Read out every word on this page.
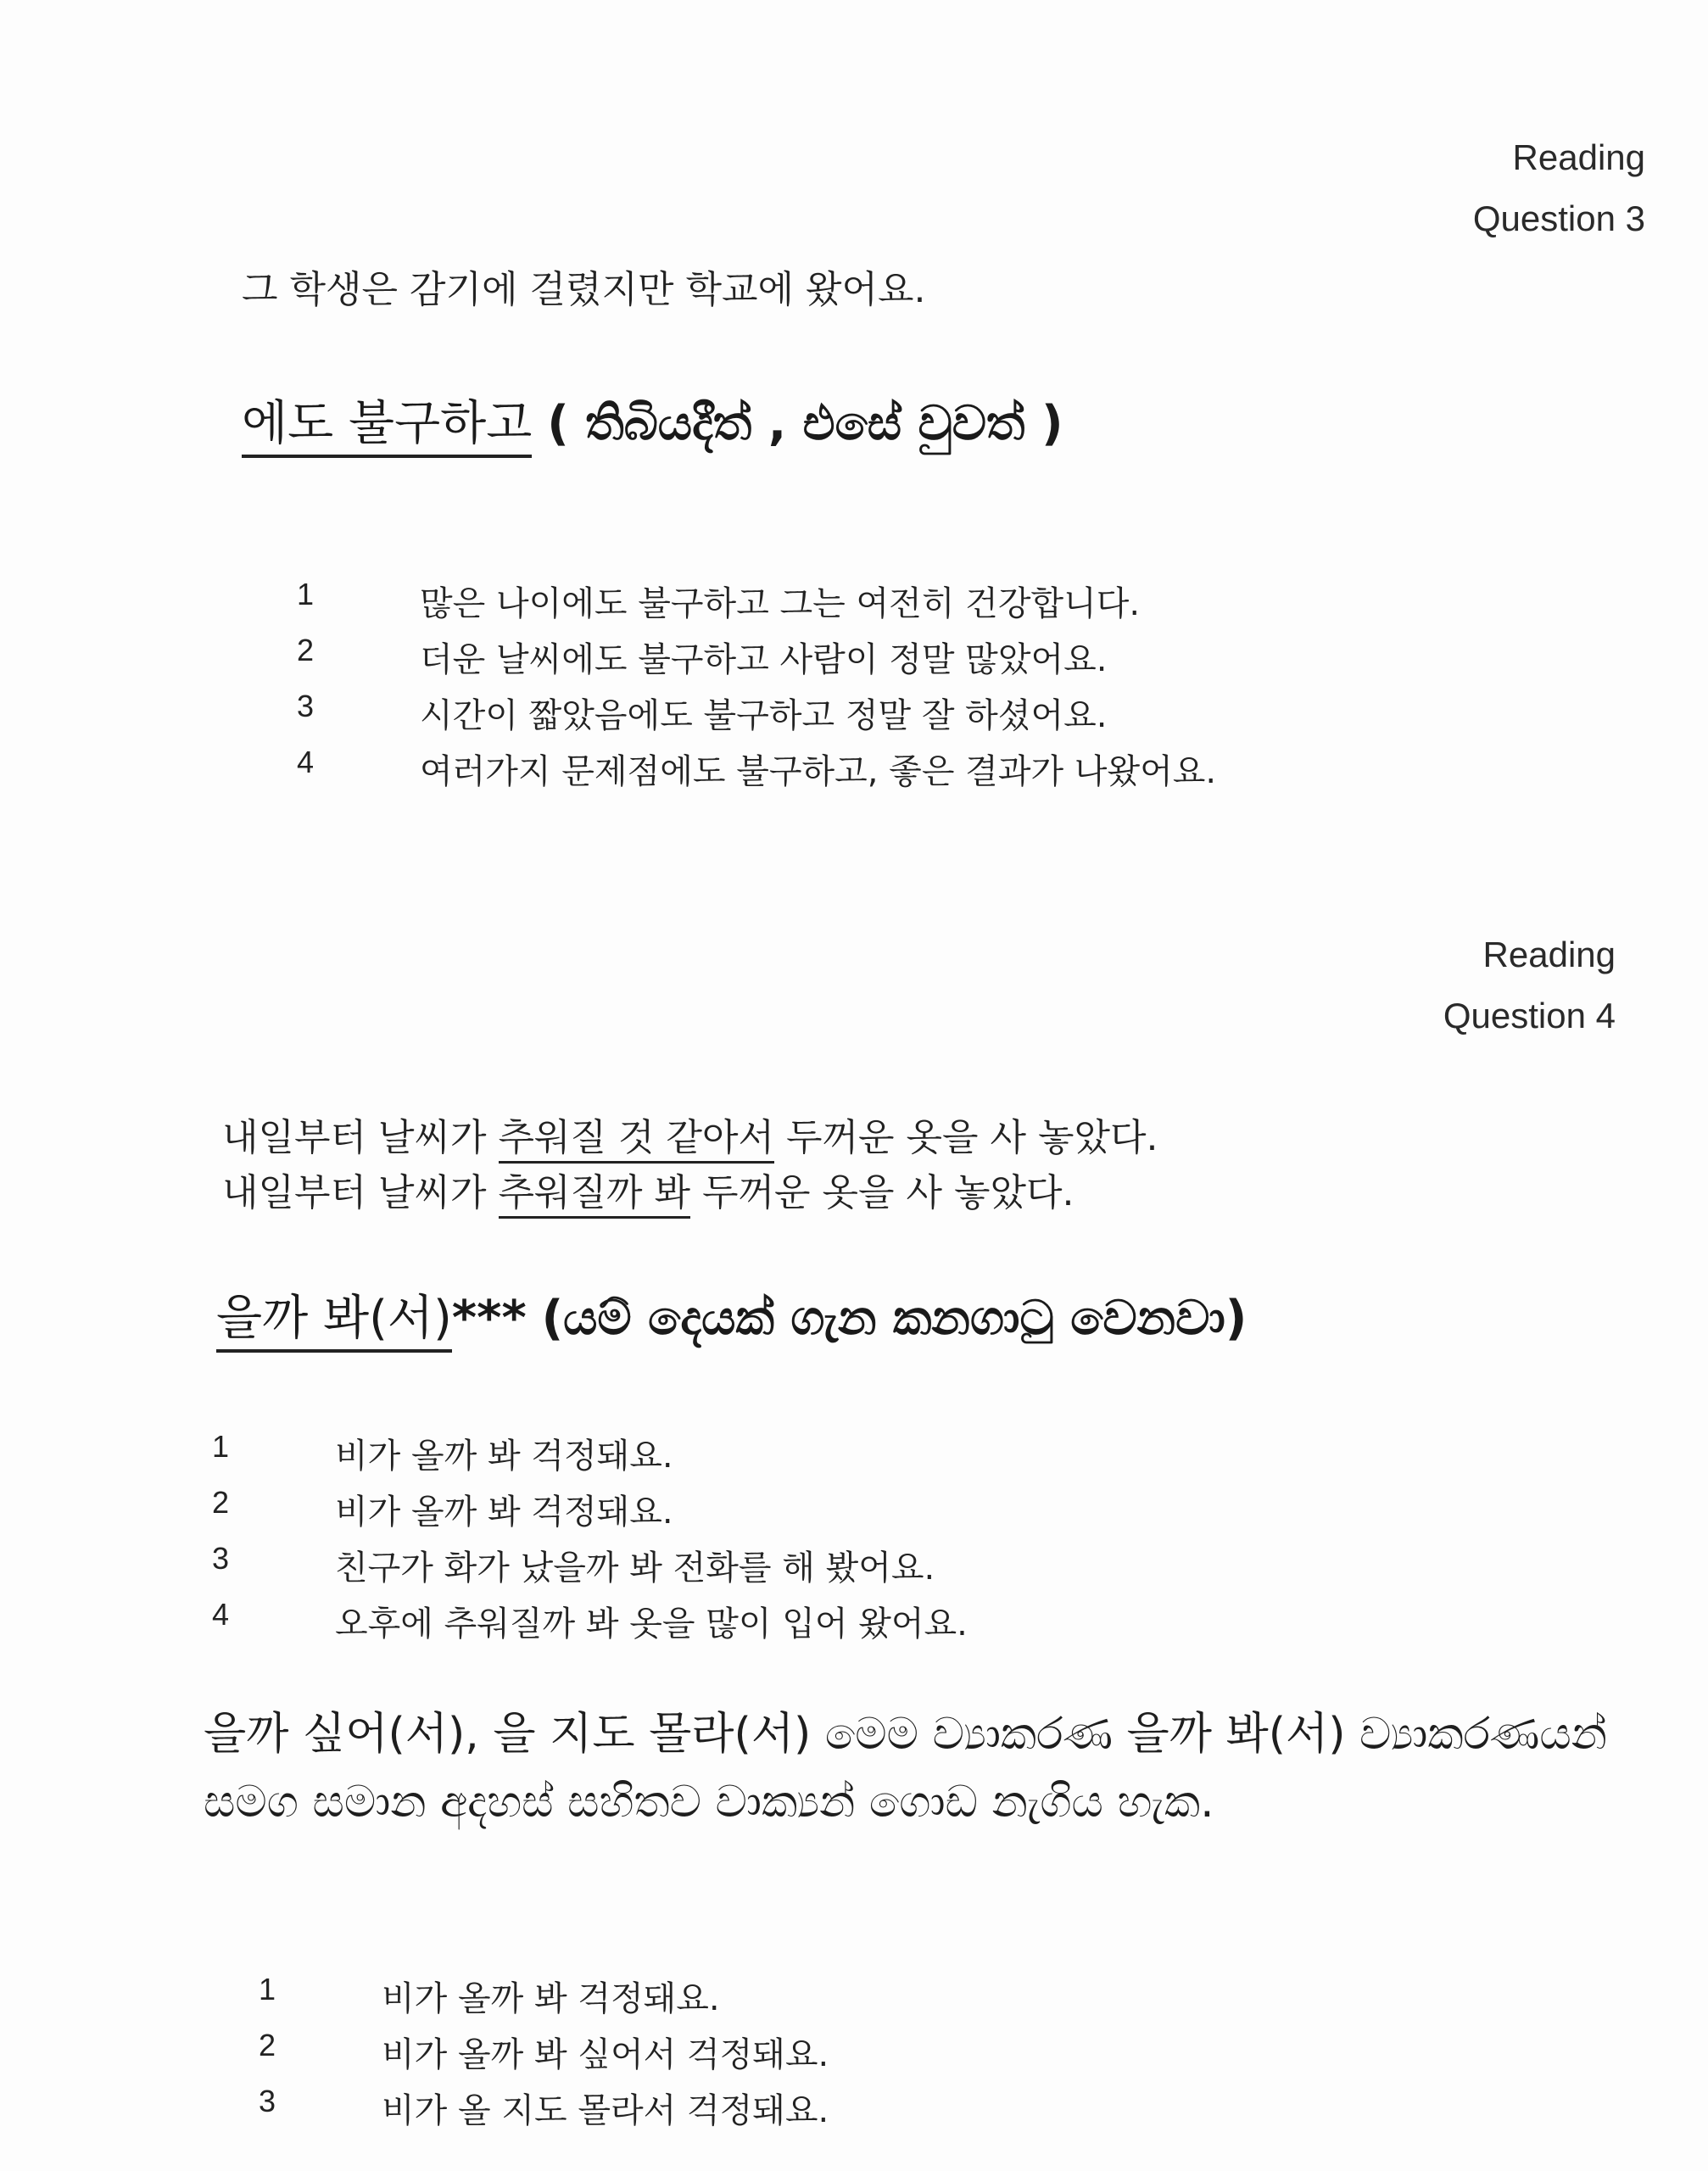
Reading
Question 3
그 학생은 감기에 걸렸지만 학교에 왔어요.
에도 불구하고 ( තිබියදීත් , එසේ වුවත් )
1	많은 나이에도 불구하고 그는 여전히 건강합니다.
2	더운 날씨에도 불구하고 사람이 정말 많았어요.
3	시간이 짧았음에도 불구하고 정말 잘 하셨어요.
4	여러가지 문제점에도 불구하고, 좋은 결과가 나왔어요.
Reading
Question 4
내일부터 날씨가 추워질 것 같아서 두꺼운 옷을 사 놓았다.
내일부터 날씨가 추워질까 봐 두꺼운 옷을 사 놓았다.
을까 봐(서)*** (යම් දෙයක් ගැන කනගාටු වෙනවා)
1	비가 올까 봐 걱정돼요.
2	비가 올까 봐 걱정돼요.
3	친구가 화가 났을까 봐 전화를 해 봤어요.
4	오후에 추워질까 봐 옷을 많이 입어 왔어요.
을까 싶어(서), 을 지도 몰라(서) මෙම ව්‍යාකරණ 을까 봐(서) ව්‍යාකරණයන් සමග සමාන අදහස් සහිතව වාක්‍යන් ගොඩ නැගිය හැක.
1	비가 올까 봐 걱정돼요.
2	비가 올까 봐 싶어서 걱정돼요.
3	비가 올 지도 몰라서 걱정돼요.
